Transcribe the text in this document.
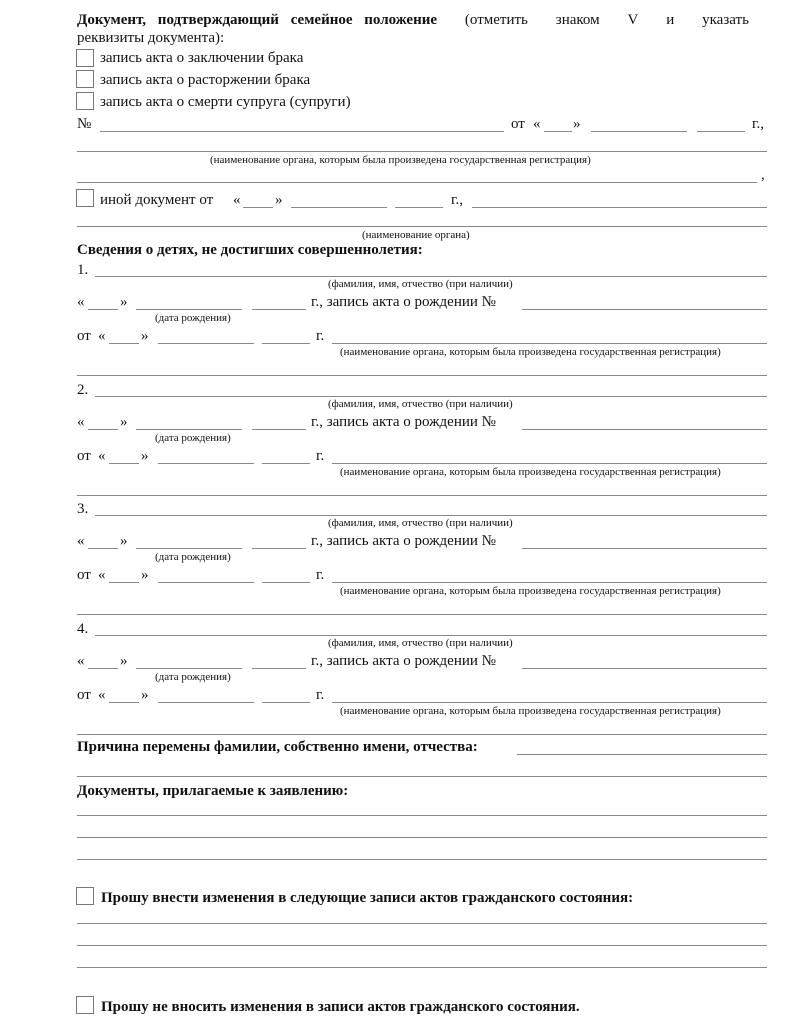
Документ, подтверждающий семейное положение (отметить знаком V и указать
реквизиты документа):
запись акта о заключении брака
запись акта о расторжении брака
запись акта о смерти супруга (супруги)
№	от « »	г.,
(наименование органа, которым была произведена государственная регистрация)
,
иной документ от « »	г.,
(наименование органа)
Сведения о детях, не достигших совершеннолетия:
1.
(фамилия, имя, отчество (при наличии)
« »	г., запись акта о рождении №
(дата рождения)
от « »	г.
(наименование органа, которым была произведена государственная регистрация)
2.
(фамилия, имя, отчество (при наличии)
« »	г., запись акта о рождении №
(дата рождения)
от « »	г.
(наименование органа, которым была произведена государственная регистрация)
3.
(фамилия, имя, отчество (при наличии)
« »	г., запись акта о рождении №
(дата рождения)
от « »	г.
(наименование органа, которым была произведена государственная регистрация)
4.
(фамилия, имя, отчество (при наличии)
« »	г., запись акта о рождении №
(дата рождения)
от « »	г.
(наименование органа, которым была произведена государственная регистрация)
Причина перемены фамилии, собственно имени, отчества:
Документы, прилагаемые к заявлению:
Прошу внести изменения в следующие записи актов гражданского состояния:
Прошу не вносить изменения в записи актов гражданского состояния.
